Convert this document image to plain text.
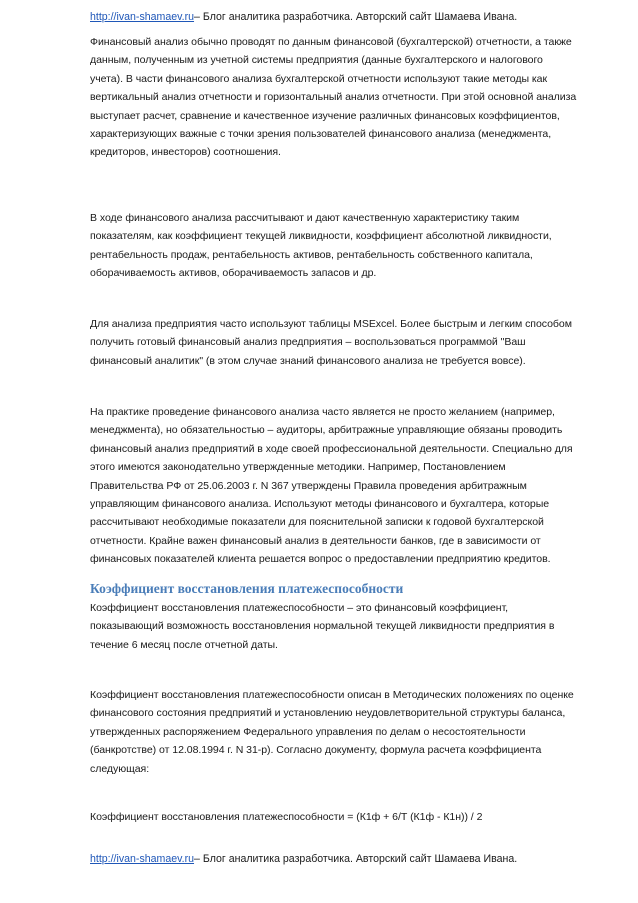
http://ivan-shamaev.ru– Блог аналитика разработчика. Авторский сайт Шамаева Ивана.

Финансовый анализ обычно проводят по данным финансовой (бухгалтерской) отчетности, а также
данным, полученным из учетной системы предприятия (данные бухгалтерского и налогового
учета). В части финансового анализа бухгалтерской отчетности используют такие методы как
вертикальный анализ отчетности и горизонтальный анализ отчетности. При этой основной анализа
выступает расчет, сравнение и качественное изучение различных финансовых коэффициентов,
характеризующих важные с точки зрения пользователей финансового анализа (менеджмента,
кредиторов, инвесторов) соотношения.

В ходе финансового анализа рассчитывают и дают качественную характеристику таким
показателям, как коэффициент текущей ликвидности, коэффициент абсолютной ликвидности,
рентабельность продаж, рентабельность активов, рентабельность собственного капитала,
оборачиваемость активов, оборачиваемость запасов и др.

Для анализа предприятия часто используют таблицы MSExcel. Более быстрым и легким способом
получить готовый финансовый анализ предприятия – воспользоваться программой "Ваш
финансовый аналитик" (в этом случае знаний финансового анализа не требуется вовсе).

На практике проведение финансового анализа часто является не просто желанием (например,
менеджмента), но обязательностью – аудиторы, арбитражные управляющие обязаны проводить
финансовый анализ предприятий в ходе своей профессиональной деятельности. Специально для
этого имеются законодательно утвержденные методики. Например, Постановлением
Правительства РФ от 25.06.2003 г. N 367 утверждены Правила проведения арбитражным
управляющим финансового анализа. Используют методы финансового и бухгалтера, которые
рассчитывают необходимые показатели для пояснительной записки к годовой бухгалтерской
отчетности. Крайне важен финансовый анализ в деятельности банков, где в зависимости от
финансовых показателей клиента решается вопрос о предоставлении предприятию кредитов.

Коэффициент восстановления платежеспособности

Коэффициент восстановления платежеспособности – это финансовый коэффициент,
показывающий возможность восстановления нормальной текущей ликвидности предприятия в
течение 6 месяц после отчетной даты.

Коэффициент восстановления платежеспособности описан в Методических положениях по оценке
финансового состояния предприятий и установлению неудовлетворительной структуры баланса,
утвержденных распоряжением Федерального управления по делам о несостоятельности
(банкротстве) от 12.08.1994 г. N 31-р). Согласно документу, формула расчета коэффициента
следующая:

Коэффициент восстановления платежеспособности = (К1ф + 6/Т (К1ф - К1н)) / 2

http://ivan-shamaev.ru– Блог аналитика разработчика. Авторский сайт Шамаева Ивана.
